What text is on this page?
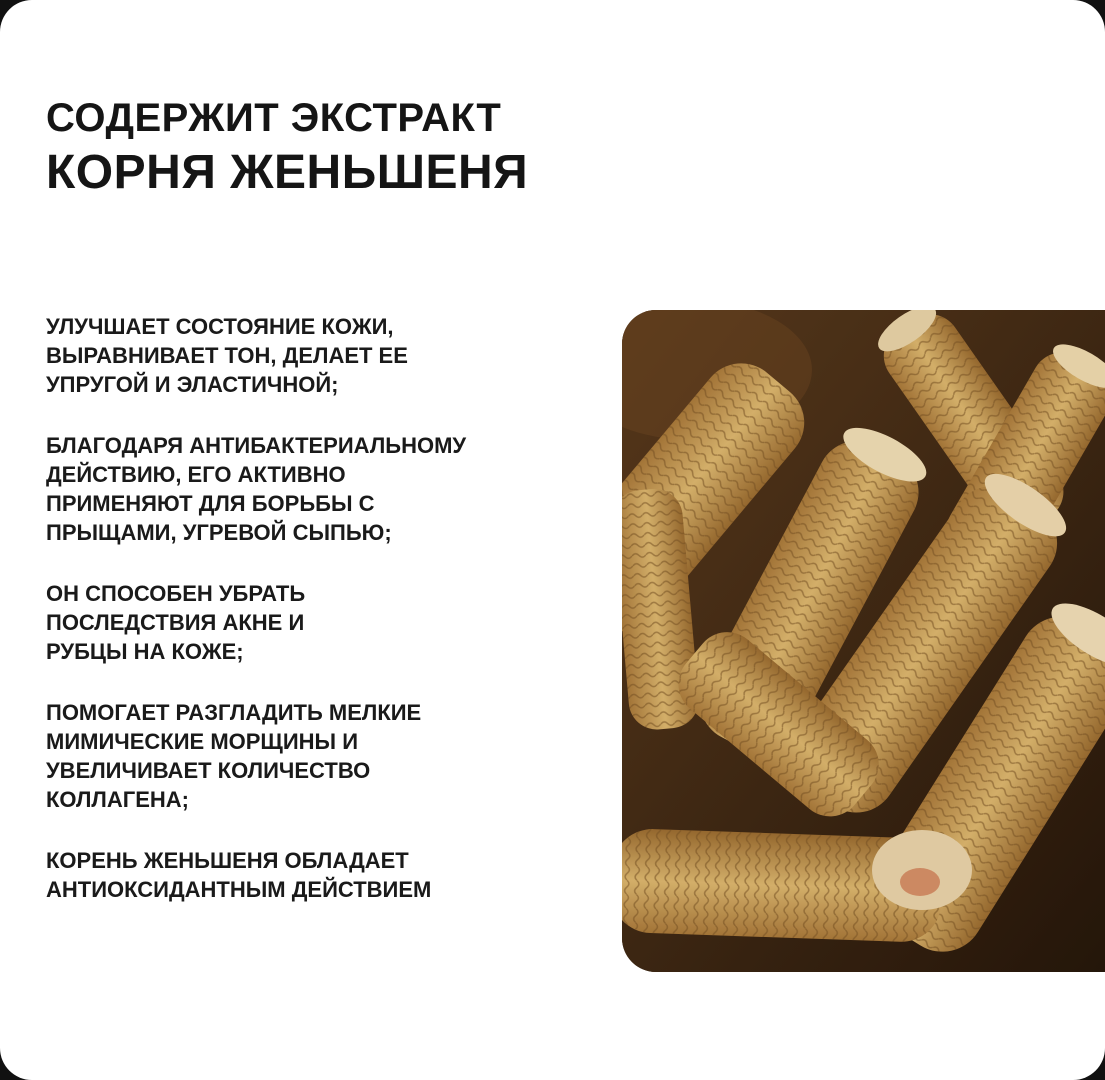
СОДЕРЖИТ ЭКСТРАКТ
КОРНЯ ЖЕНЬШЕНЯ
УЛУЧШАЕТ СОСТОЯНИЕ КОЖИ,
ВЫРАВНИВАЕТ ТОН, ДЕЛАЕТ ЕЕ
УПРУГОЙ И ЭЛАСТИЧНОЙ;
БЛАГОДАРЯ АНТИБАКТЕРИАЛЬНОМУ
ДЕЙСТВИЮ, ЕГО АКТИВНО
ПРИМЕНЯЮТ ДЛЯ БОРЬБЫ С
ПРЫЩАМИ, УГРЕВОЙ СЫПЬЮ;
ОН СПОСОБЕН УБРАТЬ
ПОСЛЕДСТВИЯ АКНЕ И
РУБЦЫ НА КОЖЕ;
ПОМОГАЕТ РАЗГЛАДИТЬ МЕЛКИЕ
МИМИЧЕСКИЕ МОРЩИНЫ И
УВЕЛИЧИВАЕТ КОЛИЧЕСТВО
КОЛЛАГЕНА;
КОРЕНЬ ЖЕНЬШЕНЯ ОБЛАДАЕТ
АНТИОКСИДАНТНЫМ ДЕЙСТВИЕМ
